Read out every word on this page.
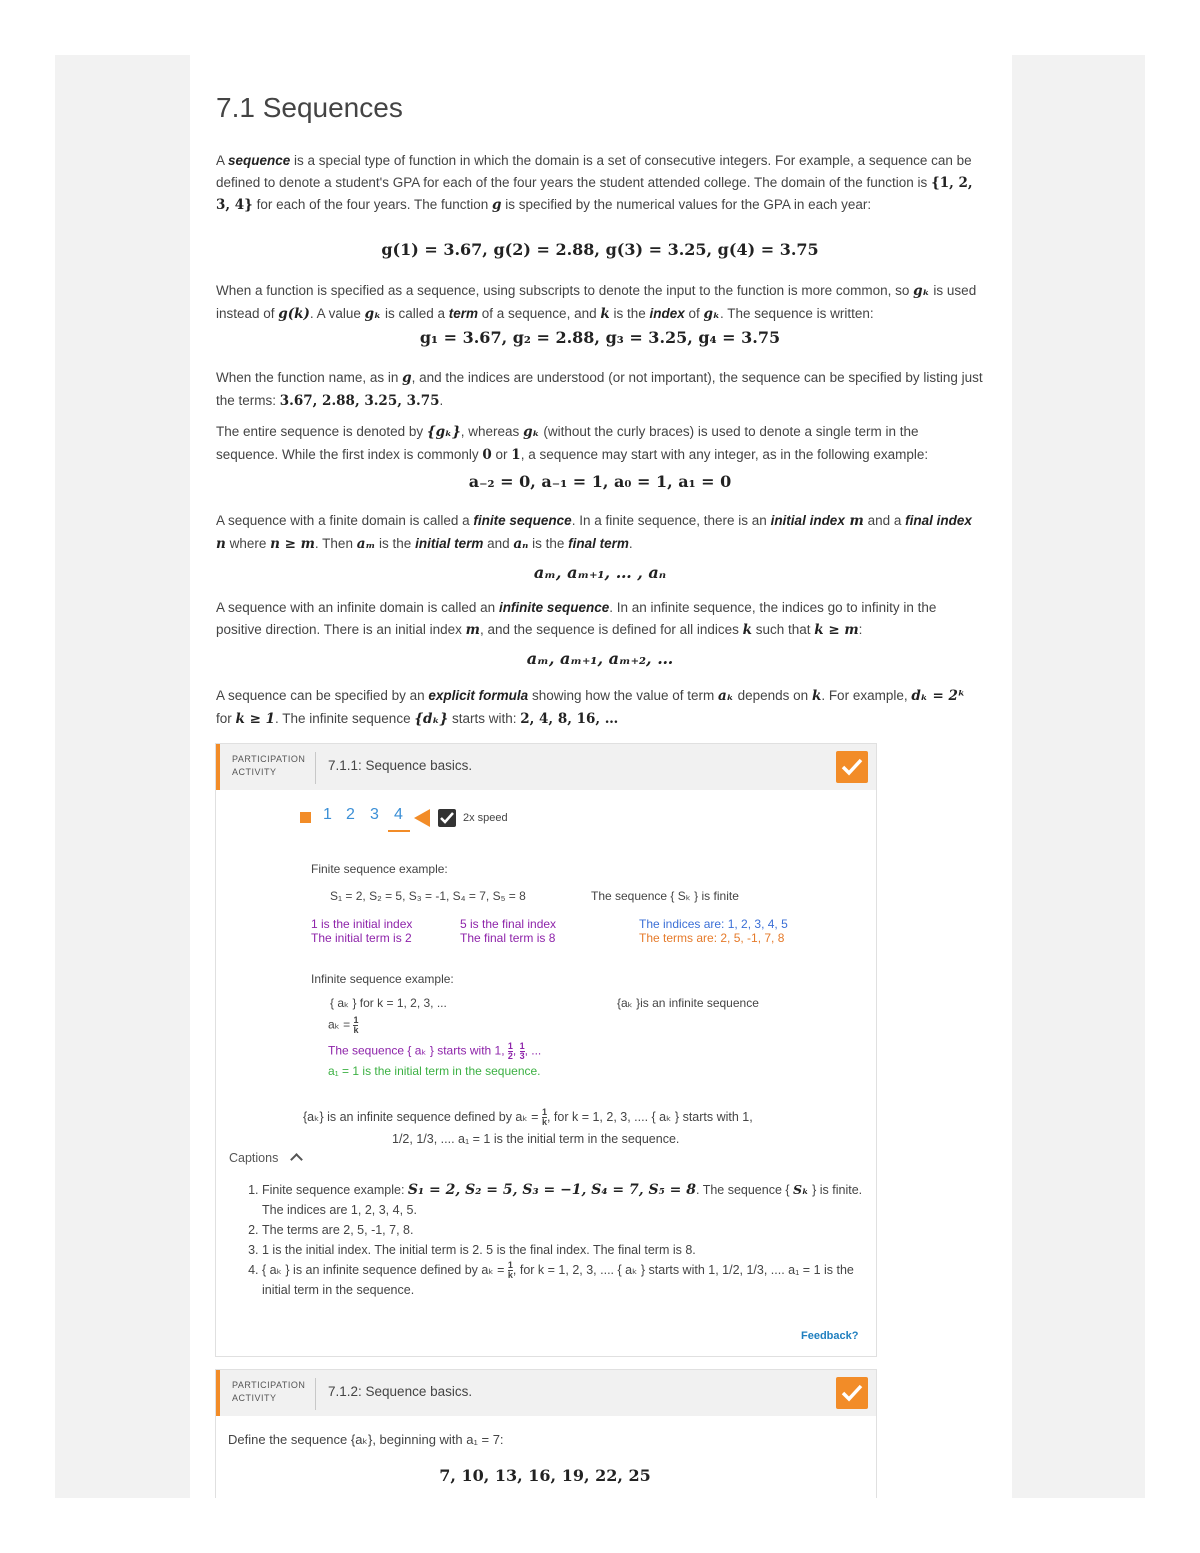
7.1 Sequences

A sequence is a special type of function in which the domain is a set of consecutive integers. For example, a sequence can be defined to denote a student's GPA for each of the four years the student attended college. The domain of the function is {1, 2, 3, 4} for each of the four years. The function g is specified by the numerical values for the GPA in each year:

g(1) = 3.67, g(2) = 2.88, g(3) = 3.25, g(4) = 3.75

When a function is specified as a sequence, using subscripts to denote the input to the function is more common, so gₖ is used instead of g(k). A value gₖ is called a term of a sequence, and k is the index of gₖ. The sequence is written:

g₁ = 3.67, g₂ = 2.88, g₃ = 3.25, g₄ = 3.75

When the function name, as in g, and the indices are understood (or not important), the sequence can be specified by listing just the terms: 3.67, 2.88, 3.25, 3.75.

The entire sequence is denoted by {gₖ}, whereas gₖ (without the curly braces) is used to denote a single term in the sequence. While the first index is commonly 0 or 1, a sequence may start with any integer, as in the following example:

a₋₂ = 0, a₋₁ = 1, a₀ = 1, a₁ = 0

A sequence with a finite domain is called a finite sequence. In a finite sequence, there is an initial index m and a final index n where n ≥ m. Then aₘ is the initial term and aₙ is the final term.

aₘ, aₘ₊₁, … , aₙ

A sequence with an infinite domain is called an infinite sequence. In an infinite sequence, the indices go to infinity in the positive direction. There is an initial index m, and the sequence is defined for all indices k such that k ≥ m:

aₘ, aₘ₊₁, aₘ₊₂, …

A sequence can be specified by an explicit formula showing how the value of term aₖ depends on k. For example, dₖ = 2ᵏ for k ≥ 1. The infinite sequence {dₖ} starts with: 2, 4, 8, 16, …

PARTICIPATION
ACTIVITY	7.1.1: Sequence basics.
1 2 3 4	2x speed
Finite sequence example:
S₁ = 2, S₂ = 5, S₃ = -1, S₄ = 7, S₅ = 8	The sequence { Sₖ } is finite
1 is the initial index
The initial term is 2
5 is the final index
The final term is 8
The indices are: 1, 2, 3, 4, 5
The terms are: 2, 5, -1, 7, 8
Infinite sequence example:
{ aₖ } for k = 1, 2, 3, ...	{aₖ }is an infinite sequence
$a_k = \frac{1}{k}$
The sequence { aₖ } starts with 1, $\frac{1}{2}$ , $\frac{1}{3}$ , ...
a₁ = 1 is the initial term in the sequence.
{aₖ} is an infinite sequence defined by $a_k = \frac{1}{k}$ , for k = 1, 2, 3, .... { aₖ } starts with 1,
1/2, 1/3, .... a₁ = 1 is the initial term in the sequence.
Captions
1. Finite sequence example: S₁ = 2, S₂ = 5, S₃ = −1, S₄ = 7, S₅ = 8. The sequence { Sₖ } is finite. The indices are 1, 2, 3, 4, 5.
2. The terms are 2, 5, -1, 7, 8.
3. 1 is the initial index. The initial term is 2. 5 is the final index. The final term is 8.
4. { aₖ } is an infinite sequence defined by $a_k = \frac{1}{k}$ , for k = 1, 2, 3, .... { aₖ } starts with 1, 1/2, 1/3, .... a₁ = 1 is the initial term in the sequence.
Feedback?
PARTICIPATION
ACTIVITY	7.1.2: Sequence basics.
Define the sequence {aₖ}, beginning with a₁ = 7:
7, 10, 13, 16, 19, 22, 25
